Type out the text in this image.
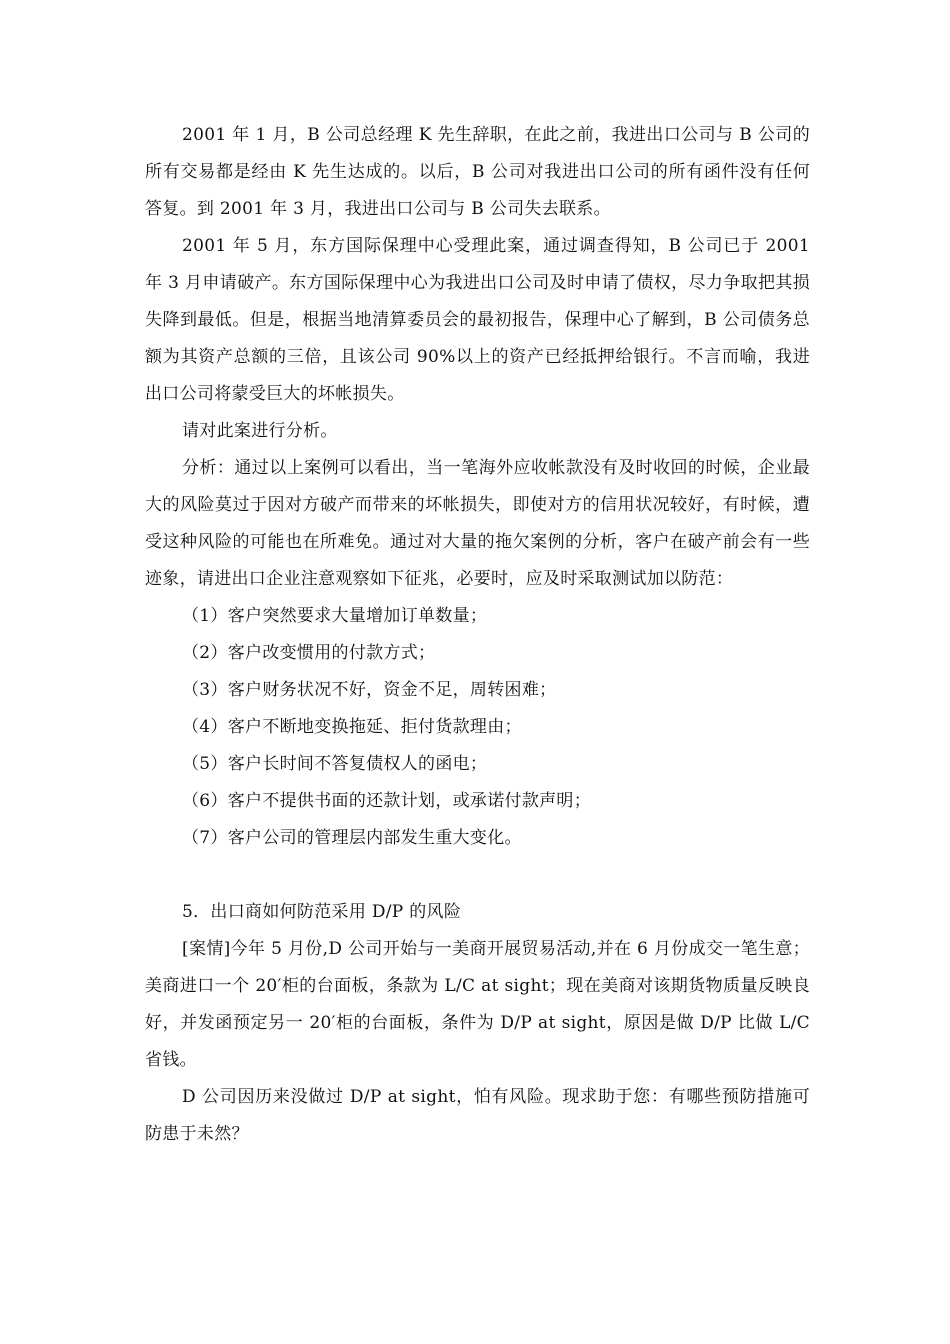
2001 年 1 月，B 公司总经理 K 先生辞职，在此之前，我进出口公司与 B 公司的所有交易都是经由 K 先生达成的。以后，B 公司对我进出口公司的所有函件没有任何答复。到 2001 年 3 月，我进出口公司与 B 公司失去联系。

2001 年 5 月，东方国际保理中心受理此案，通过调查得知，B 公司已于 2001 年 3 月申请破产。东方国际保理中心为我进出口公司及时申请了债权，尽力争取把其损失降到最低。但是，根据当地清算委员会的最初报告，保理中心了解到，B 公司债务总额为其资产总额的三倍，且该公司 90%以上的资产已经抵押给银行。不言而喻，我进出口公司将蒙受巨大的坏帐损失。

请对此案进行分析。

分析：通过以上案例可以看出，当一笔海外应收帐款没有及时收回的时候，企业最大的风险莫过于因对方破产而带来的坏帐损失，即使对方的信用状况较好，有时候，遭受这种风险的可能也在所难免。通过对大量的拖欠案例的分析，客户在破产前会有一些迹象，请进出口企业注意观察如下征兆，必要时，应及时采取测试加以防范：

（1）客户突然要求大量增加订单数量；
（2）客户改变惯用的付款方式；
（3）客户财务状况不好，资金不足，周转困难；
（4）客户不断地变换拖延、拒付货款理由；
（5）客户长时间不答复债权人的函电；
（6）客户不提供书面的还款计划，或承诺付款声明；
（7）客户公司的管理层内部发生重大变化。
5．出口商如何防范采用 D/P 的风险

[案情]今年 5 月份,D 公司开始与一美商开展贸易活动,并在 6 月份成交一笔生意；美商进口一个 20′柜的台面板，条款为 L/C at sight；现在美商对该期货物质量反映良好，并发函预定另一 20′柜的台面板，条件为 D/P at sight，原因是做 D/P 比做 L/C 省钱。

D 公司因历来没做过 D/P at sight，怕有风险。现求助于您：有哪些预防措施可防患于未然？
